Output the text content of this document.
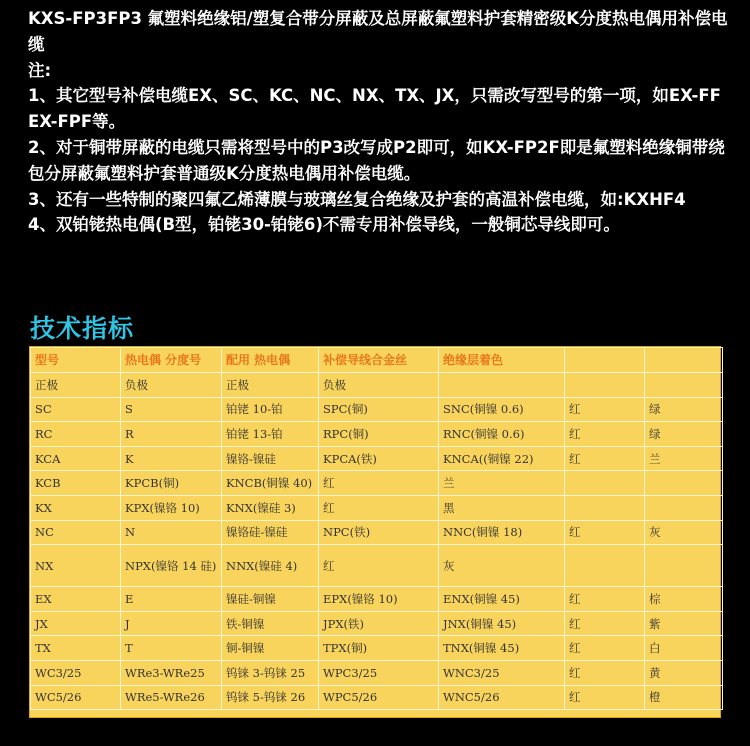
KXS-FP3FP3 氟塑料绝缘铝/塑复合带分屏蔽及总屏蔽氟塑料护套精密级K分度热电偶用补偿电缆

注:

1、其它型号补偿电缆EX、SC、KC、NC、NX、TX、JX，只需改写型号的第一项，如EX-FF EX-FPF等。

2、对于铜带屏蔽的电缆只需将型号中的P3改写成P2即可，如KX-FP2F即是氟塑料绝缘铜带绕包分屏蔽氟塑料护套普通级K分度热电偶用补偿电缆。

3、还有一些特制的聚四氟乙烯薄膜与玻璃丝复合绝缘及护套的高温补偿电缆，如:KXHF4

4、双铂铑热电偶(B型，铂铑30-铂铑6)不需专用补偿导线，一般铜芯导线即可。

技术指标
型号	热电偶 分度号	配用 热电偶	补偿导线合金丝	绝缘层着色		
正极	负极	正极	负极			
SC	S	铂铑 10-铂	SPC(铜)	SNC(铜镍 0.6)	红	绿
RC	R	铂铑 13-铂	RPC(铜)	RNC(铜镍 0.6)	红	绿
KCA	K	镍铬-镍硅	KPCA(铁)	KNCA((铜镍 22)	红	兰
KCB	KPCB(铜)	KNCB(铜镍 40)	红	兰		
KX	KPX(镍铬 10)	KNX(镍硅 3)	红	黑		
NC	N	镍铬硅-镍硅	NPC(铁)	NNC(铜镍 18)	红	灰
NX	NPX(镍铬 14 硅)	NNX(镍硅 4)	红	灰		
EX	E	镍硅-铜镍	EPX(镍铬 10)	ENX(铜镍 45)	红	棕
JX	J	铁-铜镍	JPX(铁)	JNX(铜镍 45)	红	紫
TX	T	铜-铜镍	TPX(铜)	TNX(铜镍 45)	红	白
WC3/25	WRe3-WRe25	钨铼 3-钨铼 25	WPC3/25	WNC3/25	红	黄
WC5/26	WRe5-WRe26	钨铼 5-钨铼 26	WPC5/26	WNC5/26	红	橙
